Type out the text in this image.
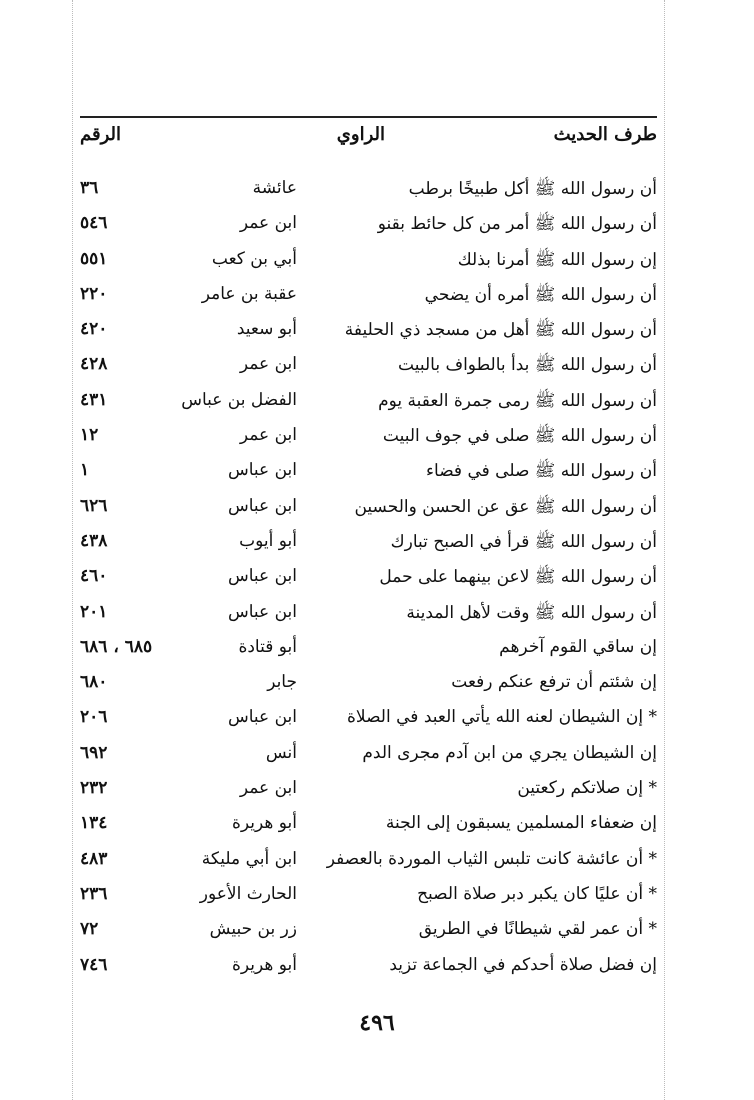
طرف الحديث
الراوي
الرقم
أن رسول الله ﷺ أكل طبيخًا برطب
عائشة
٣٦
أن رسول الله ﷺ أمر من كل حائط بقنو
ابن عمر
٥٤٦
إن رسول الله ﷺ أمرنا بذلك
أبي بن كعب
٥٥١
أن رسول الله ﷺ أمره أن يضحي
عقبة بن عامر
٢٢٠
أن رسول الله ﷺ أهل من مسجد ذي الحليفة
أبو سعيد
٤٢٠
أن رسول الله ﷺ بدأ بالطواف بالبيت
ابن عمر
٤٢٨
أن رسول الله ﷺ رمى جمرة العقبة يوم
الفضل بن عباس
٤٣١
أن رسول الله ﷺ صلى في جوف البيت
ابن عمر
١٢
أن رسول الله ﷺ صلى في فضاء
ابن عباس
١
أن رسول الله ﷺ عق عن الحسن والحسين
ابن عباس
٦٢٦
أن رسول الله ﷺ قرأ في الصبح تبارك
أبو أيوب
٤٣٨
أن رسول الله ﷺ لاعن بينهما على حمل
ابن عباس
٤٦٠
أن رسول الله ﷺ وقت لأهل المدينة
ابن عباس
٢٠١
إن ساقي القوم آخرهم
أبو قتادة
٦٨٥ ، ٦٨٦
إن شئتم أن ترفع عنكم رفعت
جابر
٦٨٠
* إن الشيطان لعنه الله يأتي العبد في الصلاة
ابن عباس
٢٠٦
إن الشيطان يجري من ابن آدم مجرى الدم
أنس
٦٩٢
* إن صلاتكم ركعتين
ابن عمر
٢٣٢
إن ضعفاء المسلمين يسبقون إلى الجنة
أبو هريرة
١٣٤
* أن عائشة كانت تلبس الثياب الموردة بالعصفر
ابن أبي مليكة
٤٨٣
* أن عليًا كان يكبر دبر صلاة الصبح
الحارث الأعور
٢٣٦
* أن عمر لقي شيطانًا في الطريق
زر بن حبيش
٧٢
إن فضل صلاة أحدكم في الجماعة تزيد
أبو هريرة
٧٤٦
٤٩٦
